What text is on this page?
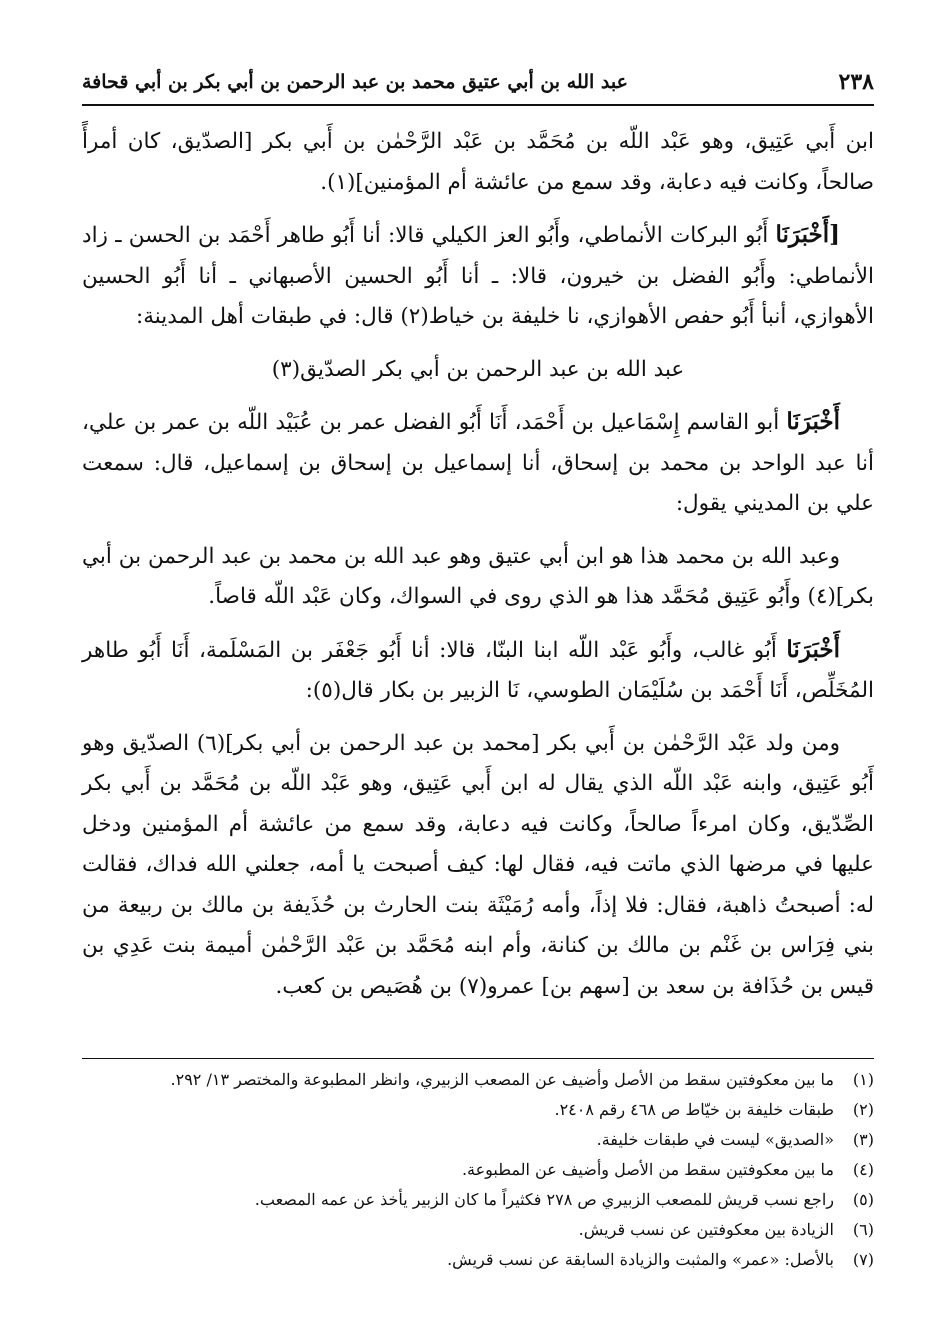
٢٣٨
عبد الله بن أبي عتيق محمد بن عبد الرحمن بن أبي بكر بن أبي قحافة

ابن أَبي عَتِيق، وهو عَبْد اللّه بن مُحَمَّد بن عَبْد الرَّحْمٰن بن أَبي بكر [الصدّيق، كان أمرأً صالحاً، وكانت فيه دعابة، وقد سمع من عائشة أم المؤمنين](١).

[أَخْبَرَنَا أَبُو البركات الأنماطي، وأَبُو العز الكيلي قالا: أنا أَبُو طاهر أَحْمَد بن الحسن ـ زاد الأنماطي: وأَبُو الفضل بن خيرون، قالا: ـ أنا أَبُو الحسين الأصبهاني ـ أنا أَبُو الحسين الأهوازي، أنبأ أَبُو حفص الأهوازي، نا خليفة بن خياط(٢) قال: في طبقات أهل المدينة:

عبد الله بن عبد الرحمن بن أبي بكر الصدّيق(٣)

أَخْبَرَنَا أبو القاسم إِسْمَاعيل بن أَحْمَد، أَنَا أَبُو الفضل عمر بن عُبَيْد اللّه بن عمر بن علي، أنا عبد الواحد بن محمد بن إسحاق، أنا إسماعيل بن إسحاق بن إسماعيل، قال: سمعت علي بن المديني يقول:

وعبد الله بن محمد هذا هو ابن أبي عتيق وهو عبد الله بن محمد بن عبد الرحمن بن أبي بكر](٤) وأَبُو عَتِيق مُحَمَّد هذا هو الذي روى في السواك، وكان عَبْد اللّه قاصاً.

أَخْبَرَنَا أَبُو غالب، وأَبُو عَبْد اللّه ابنا البنّا، قالا: أنا أَبُو جَعْفَر بن المَسْلَمة، أَنَا أَبُو طاهر المُخَلِّص، أَنَا أَحْمَد بن سُلَيْمَان الطوسي، نَا الزبير بن بكار قال(٥):

ومن ولد عَبْد الرَّحْمٰن بن أَبي بكر [محمد بن عبد الرحمن بن أبي بكر](٦) الصدّيق وهو أَبُو عَتِيق، وابنه عَبْد اللّه الذي يقال له ابن أَبي عَتِيق، وهو عَبْد اللّه بن مُحَمَّد بن أَبي بكر الصِّدّيق، وكان امرءاً صالحاً، وكانت فيه دعابة، وقد سمع من عائشة أم المؤمنين ودخل عليها في مرضها الذي ماتت فيه، فقال لها: كيف أصبحت يا أمه، جعلني الله فداك، فقالت له: أصبحتُ ذاهبة، فقال: فلا إذاً، وأمه رُمَيْثَة بنت الحارث بن حُذَيفة بن مالك بن ربيعة من بني فِرَاس بن غَنْم بن مالك بن كنانة، وأم ابنه مُحَمَّد بن عَبْد الرَّحْمٰن أميمة بنت عَدِي بن قيس بن حُذَافة بن سعد بن [سهم بن] عمرو(٧) بن هُصَيص بن كعب.

(١)
ما بين معكوفتين سقط من الأصل وأضيف عن المصعب الزبيري، وانظر المطبوعة والمختصر ١٣/ ٢٩٢.
(٢)
طبقات خليفة بن خيّاط ص ٤٦٨ رقم ٢٤٠٨.
(٣)
«الصديق» ليست في طبقات خليفة.
(٤)
ما بين معكوفتين سقط من الأصل وأضيف عن المطبوعة.
(٥)
راجع نسب قريش للمصعب الزبيري ص ٢٧٨ فكثيراً ما كان الزبير يأخذ عن عمه المصعب.
(٦)
الزيادة بين معكوفتين عن نسب قريش.
(٧)
بالأصل: «عمر» والمثبت والزيادة السابقة عن نسب قريش.
